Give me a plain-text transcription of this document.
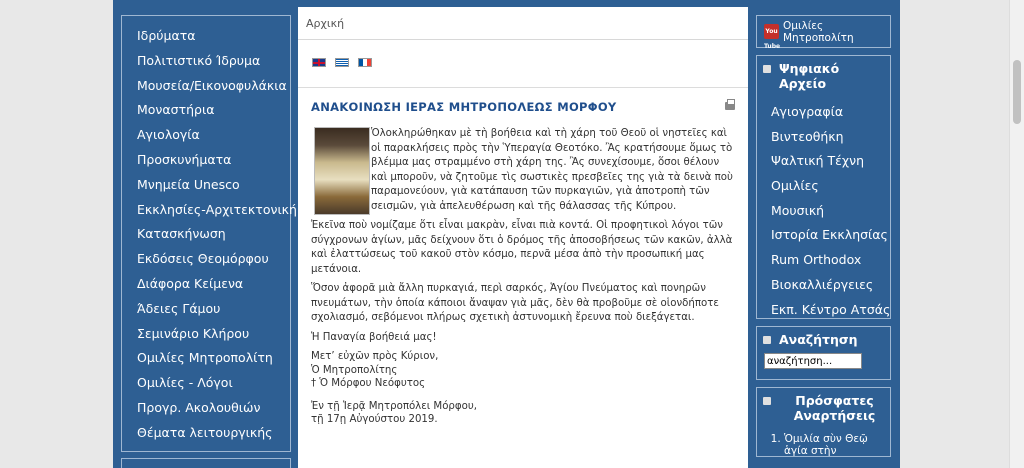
Ιδρύματα
Πολιτιστικό Ίδρυμα
Μουσεία/Εικονοφυλάκια
Μοναστήρια
Αγιολογία
Προσκυνήματα
Μνημεία Unesco
Εκκλησίες-Αρχιτεκτονική
Κατασκήνωση
Εκδόσεις Θεομόρφου
Διάφορα Κείμενα
Άδειες Γάμου
Σεμινάριο Κλήρου
Ομιλίες Μητροπολίτη
Ομιλίες - Λόγοι
Προγρ. Ακολουθιών
Θέματα λειτουργικής
Αρχική

ΑΝΑΚΟΙΝΩΣΗ ΙΕΡΑΣ ΜΗΤΡΟΠΟΛΕΩΣ ΜΟΡΦΟΥ

Ὁλοκληρώθηκαν μὲ τὴ βοήθεια καὶ τὴ χάρη τοῦ Θεοῦ οἱ νηστεῖες καὶ οἱ παρακλήσεις πρὸς τὴν Ὑπεραγία Θεοτόκο. Ἂς κρατήσουμε ὅμως τὸ βλέμμα μας στραμμένο στὴ χάρη της. Ἂς συνεχίσουμε, ὅσοι θέλουν καὶ μποροῦν, νὰ ζητοῦμε τὶς σωστικὲς πρεσβεῖες της γιὰ τὰ δεινὰ ποὺ παραμονεύουν, γιὰ κατάπαυση τῶν πυρκαγιῶν, γιὰ ἀποτροπὴ τῶν σεισμῶν, γιὰ ἀπελευθέρωση καὶ τῆς θάλασσας τῆς Κύπρου.

Ἐκεῖνα ποὺ νομίζαμε ὅτι εἶναι μακρὰν, εἶναι πιὰ κοντά. Οἱ προφητικοὶ λόγοι τῶν σύγχρονων ἁγίων, μᾶς δείχνουν ὅτι ὁ δρόμος τῆς ἀποσοβήσεως τῶν κακῶν, ἀλλὰ καὶ ἐλαττώσεως τοῦ κακοῦ στὸν κόσμο, περνᾶ μέσα ἀπὸ τὴν προσωπική μας μετάνοια.

Ὅσον ἀφορᾶ μιὰ ἄλλη πυρκαγιά, περὶ σαρκός, Ἁγίου Πνεύματος καὶ πονηρῶν πνευμάτων, τὴν ὁποία κάποιοι ἄναψαν γιὰ μᾶς, δὲν θὰ προβοῦμε σὲ οἱονδήποτε σχολιασμό, σεβόμενοι πλήρως σχετικὴ ἀστυνομικὴ ἔρευνα ποὺ διεξάγεται.

Ἡ Παναγία βοήθειά μας!

Μετ’ εὐχῶν πρὸς Κύριον,
Ὁ Μητροπολίτης
† Ὁ Μόρφου Νεόφυτος
Ἐν τῇ Ἱερᾷ Μητροπόλει Μόρφου,
τῇ 17ῃ Αὐγούστου 2019.
You Tube
Ομιλίες Μητροπολίτη
Ψηφιακό Αρχείο
Αγιογραφία
Βιντεοθήκη
Ψαλτική Τέχνη
Ομιλίες
Μουσική
Ιστορία Εκκλησίας
Rum Orthodox
Βιοκαλλιέργειες
Εκπ. Κέντρο Ατσάς
Αναζήτηση
αναζήτηση...
Πρόσφατες Αναρτήσεις
1. Ὁμιλία σὺν Θεῷ ἁγία στὴν
